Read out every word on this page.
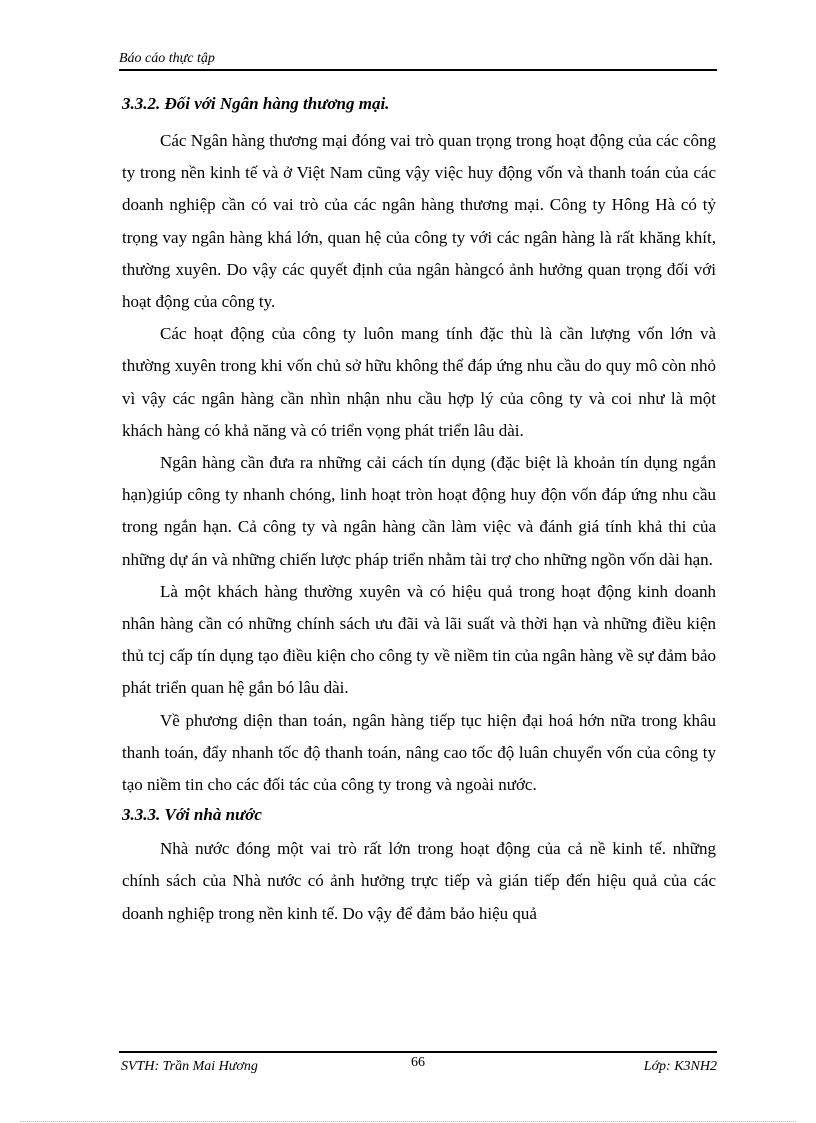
Báo cáo thực tập
3.3.2. Đối với Ngân hàng thương mại.

Các Ngân hàng thương mại đóng vai trò quan trọng trong hoạt động của các công ty trong nền kinh tế và ở Việt Nam cũng vậy việc huy động vốn và thanh toán của các doanh nghiệp cần có vai trò của các ngân hàng thương mại. Công ty Hông Hà có tỷ trọng vay ngân hàng khá lớn, quan hệ của công ty với các ngân hàng là rất khăng khít, thường xuyên. Do vậy các quyết định của ngân hàngcó ảnh hưởng quan trọng đối với hoạt động của công ty.

Các hoạt động của công ty luôn mang tính đặc thù là cần lượng vốn lớn và thường xuyên trong khi vốn chủ sở hữu không thể đáp ứng nhu cầu do quy mô còn nhỏ vì vậy các ngân hàng cần nhìn nhận nhu cầu hợp lý của công ty và coi như là một khách hàng có khả năng và có triển vọng phát triển lâu dài.

Ngân hàng cần đưa ra những cải cách tín dụng (đặc biệt là khoản tín dụng ngắn hạn)giúp công ty nhanh chóng, linh hoạt tròn hoạt động huy độn vốn đáp ứng nhu cầu trong ngắn hạn. Cả công ty và ngân hàng cần làm việc và đánh giá tính khả thi của những dự án và những chiến lược pháp triển nhằm tài trợ cho những ngồn vốn dài hạn.

Là một khách hàng thường xuyên và có hiệu quả trong hoạt động kinh doanh nhân hàng cần có những chính sách ưu đãi và lãi suất và thời hạn và những điều kiện thủ tcj cấp tín dụng tạo điều kiện cho công ty về niềm tin của ngân hàng về sự đảm bảo phát triển quan hệ gắn bó lâu dài.

Về phương diện than toán, ngân hàng tiếp tục hiện đại hoá hớn nữa trong khâu thanh toán, đẩy nhanh tốc độ thanh toán, nâng cao tốc độ luân chuyển vốn của công ty tạo niềm tin cho các đối tác của công ty trong và ngoài nước.

3.3.3. Với nhà nước

Nhà nước đóng một vai trò rất lớn trong hoạt động của cả nề kinh tế. những chính sách của Nhà nước có ảnh hưởng trực tiếp và gián tiếp đến hiệu quả của các doanh nghiệp trong nền kinh tế. Do vậy để đảm bảo hiệu quả

SVTH: Trần Mai Hương	66	Lớp: K3NH2
